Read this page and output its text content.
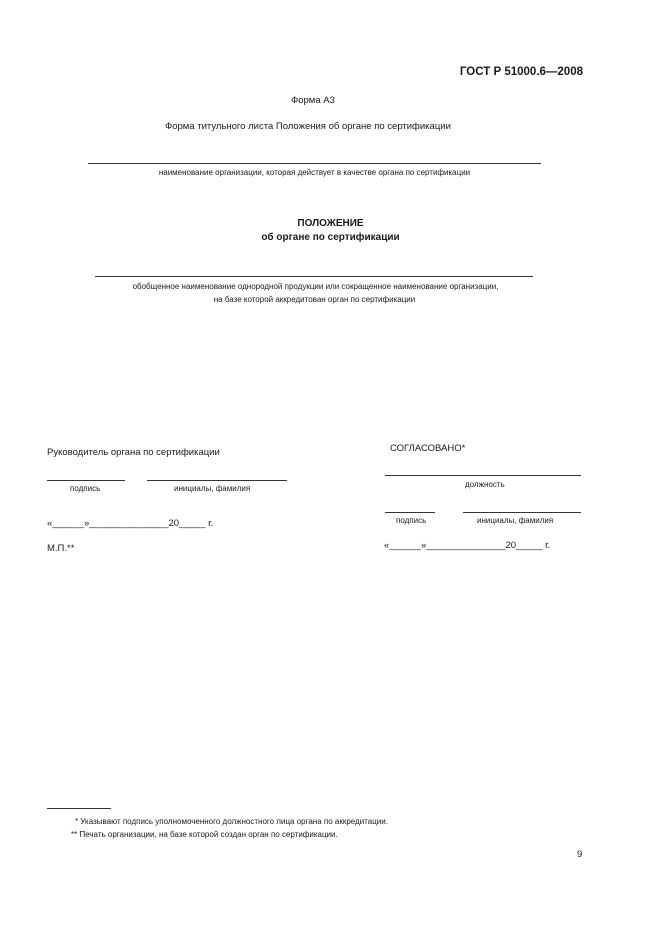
ГОСТ Р 51000.6—2008
Форма А3
Форма титульного листа Положения об органе по сертификации
наименование организации, которая действует в качестве органа по сертификации
ПОЛОЖЕНИЕ
об органе по сертификации
обобщенное наименование однородной продукции или сокращенное наименование организации,
на базе которой аккредитован орган по сертификации
Руководитель органа по сертификации
подпись	инициалы, фамилия
«______»_______________20_____ г.
М.П.**
СОГЛАСОВАНО*
должность
подпись	инициалы, фамилия
«______»_______________20_____ г.
* Указывают подпись уполномоченного должностного лица органа по аккредитации.
** Печать организации, на базе которой создан орган по сертификации.
9
